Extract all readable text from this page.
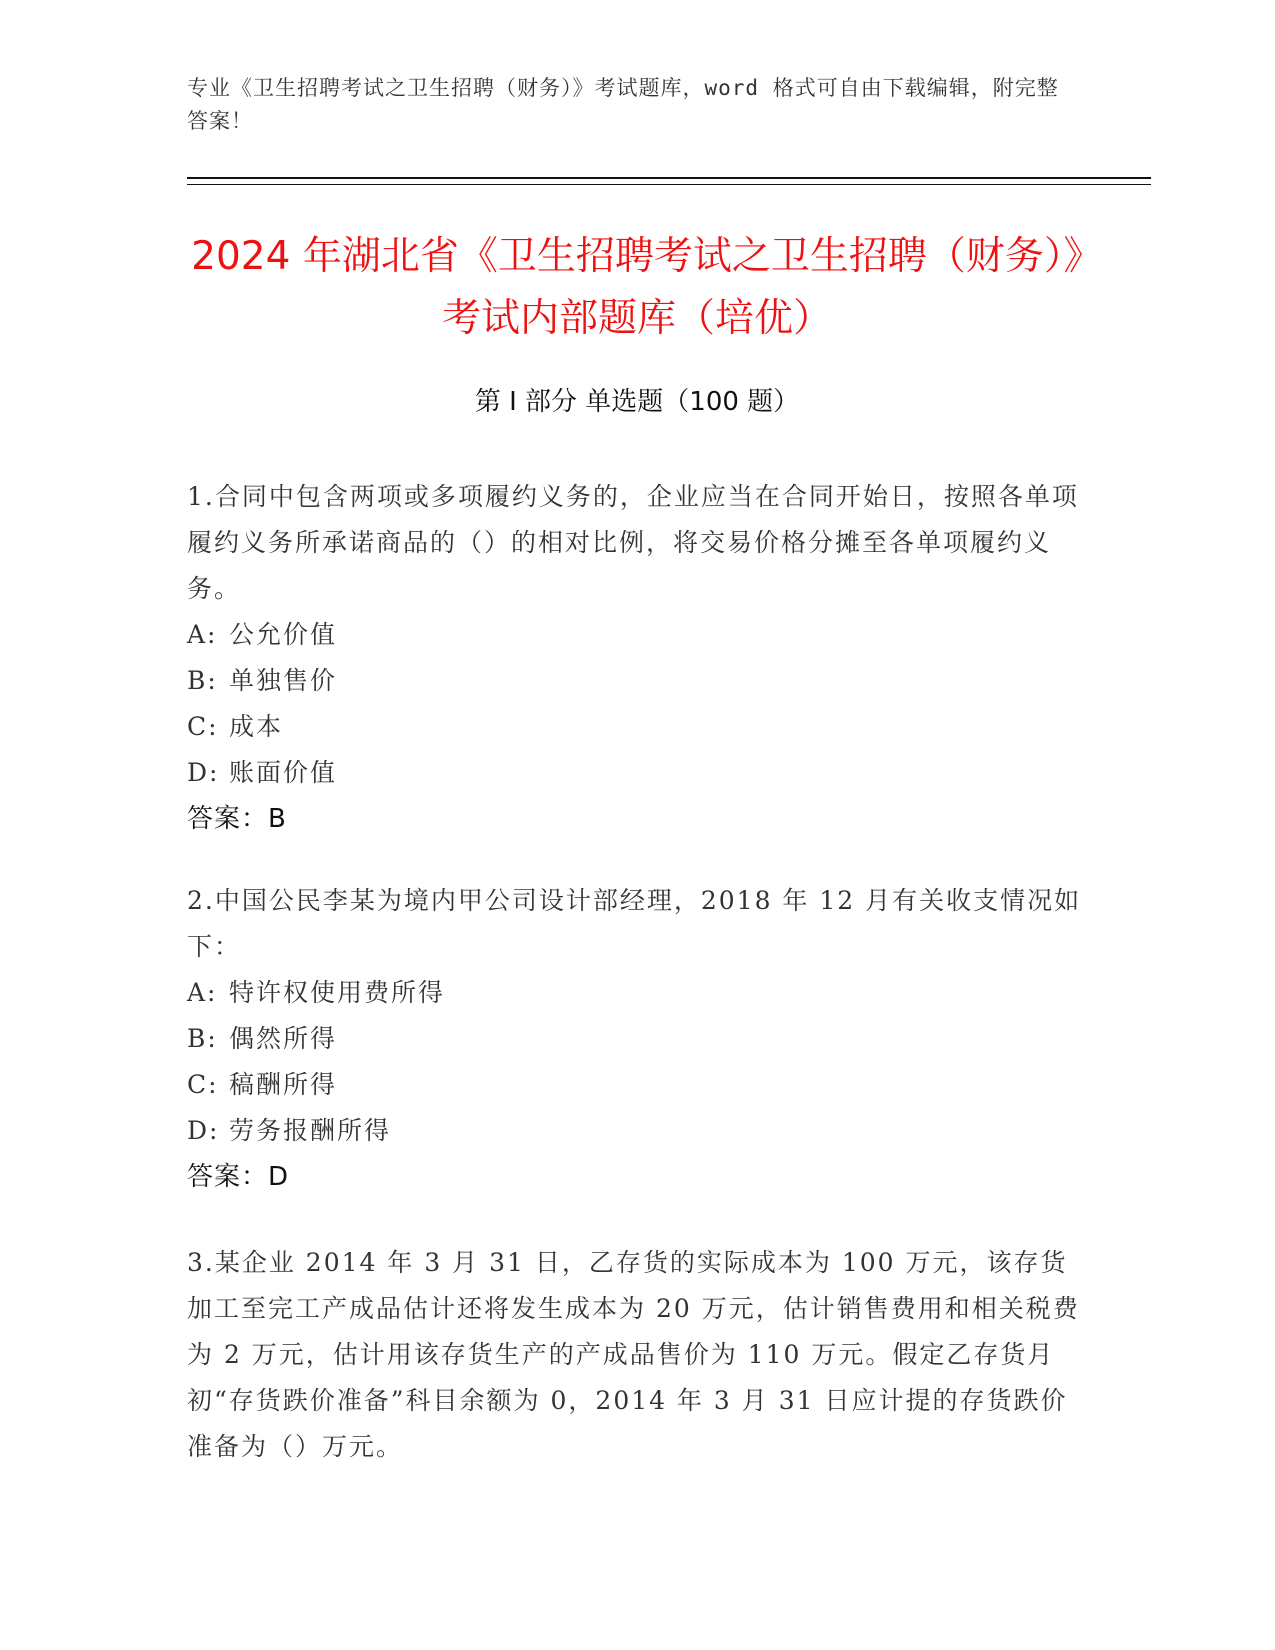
专业《卫生招聘考试之卫生招聘（财务）》考试题库，word 格式可自由下载编辑，附完整答案！
2024 年湖北省《卫生招聘考试之卫生招聘（财务）》考试内部题库（培优）
第 I 部分 单选题（100 题）

1.合同中包含两项或多项履约义务的，企业应当在合同开始日，按照各单项履约义务所承诺商品的（）的相对比例，将交易价格分摊至各单项履约义务。

A: 公允价值

B: 单独售价

C: 成本

D: 账面价值

答案：B

2.中国公民李某为境内甲公司设计部经理，2018 年 12 月有关收支情况如下：

A: 特许权使用费所得

B: 偶然所得

C: 稿酬所得

D: 劳务报酬所得

答案：D

3.某企业 2014 年 3 月 31 日，乙存货的实际成本为 100 万元，该存货加工至完工产成品估计还将发生成本为 20 万元，估计销售费用和相关税费为 2 万元，估计用该存货生产的产成品售价为 110 万元。假定乙存货月初“存货跌价准备”科目余额为 0，2014 年 3 月 31 日应计提的存货跌价准备为（）万元。
